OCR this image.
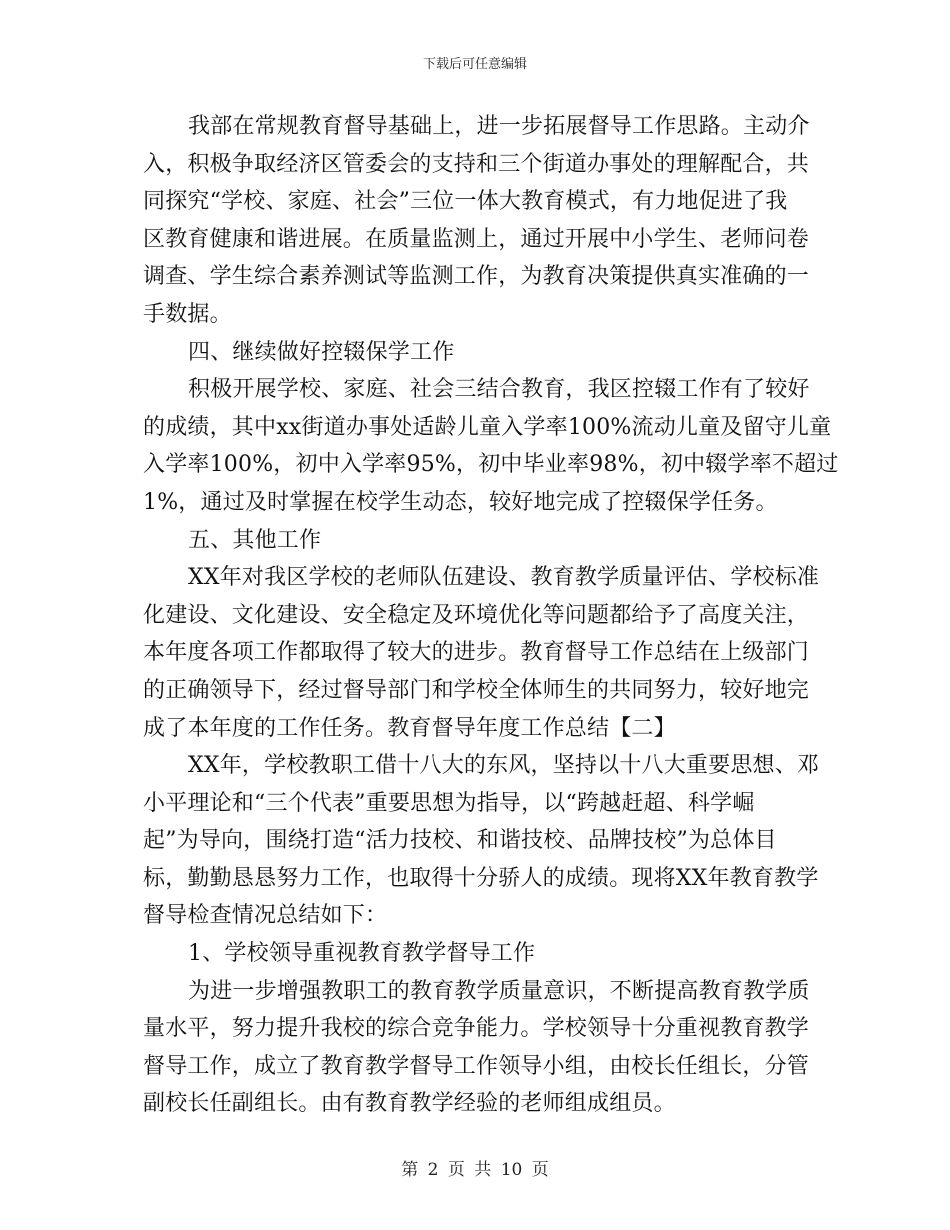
下载后可任意编辑
我部在常规教育督导基础上，进一步拓展督导工作思路。主动介
入，积极争取经济区管委会的支持和三个街道办事处的理解配合，共
同探究“学校、家庭、社会”三位一体大教育模式，有力地促进了我
区教育健康和谐进展。在质量监测上，通过开展中小学生、老师问卷
调查、学生综合素养测试等监测工作，为教育决策提供真实准确的一
手数据。
四、继续做好控辍保学工作
积极开展学校、家庭、社会三结合教育，我区控辍工作有了较好
的成绩，其中xx街道办事处适龄儿童入学率100%流动儿童及留守儿童
入学率100%，初中入学率95%，初中毕业率98%，初中辍学率不超过
1%，通过及时掌握在校学生动态，较好地完成了控辍保学任务。
五、其他工作
XX年对我区学校的老师队伍建设、教育教学质量评估、学校标准
化建设、文化建设、安全稳定及环境优化等问题都给予了高度关注，
本年度各项工作都取得了较大的进步。教育督导工作总结在上级部门
的正确领导下，经过督导部门和学校全体师生的共同努力，较好地完
成了本年度的工作任务。教育督导年度工作总结【二】
XX年，学校教职工借十八大的东风，坚持以十八大重要思想、邓
小平理论和“三个代表”重要思想为指导，以“跨越赶超、科学崛
起”为导向，围绕打造“活力技校、和谐技校、品牌技校”为总体目
标，勤勤恳恳努力工作，也取得十分骄人的成绩。现将XX年教育教学
督导检查情况总结如下：
1、学校领导重视教育教学督导工作
为进一步增强教职工的教育教学质量意识，不断提高教育教学质
量水平，努力提升我校的综合竞争能力。学校领导十分重视教育教学
督导工作，成立了教育教学督导工作领导小组，由校长任组长，分管
副校长任副组长。由有教育教学经验的老师组成组员。
第 2 页 共 10 页
